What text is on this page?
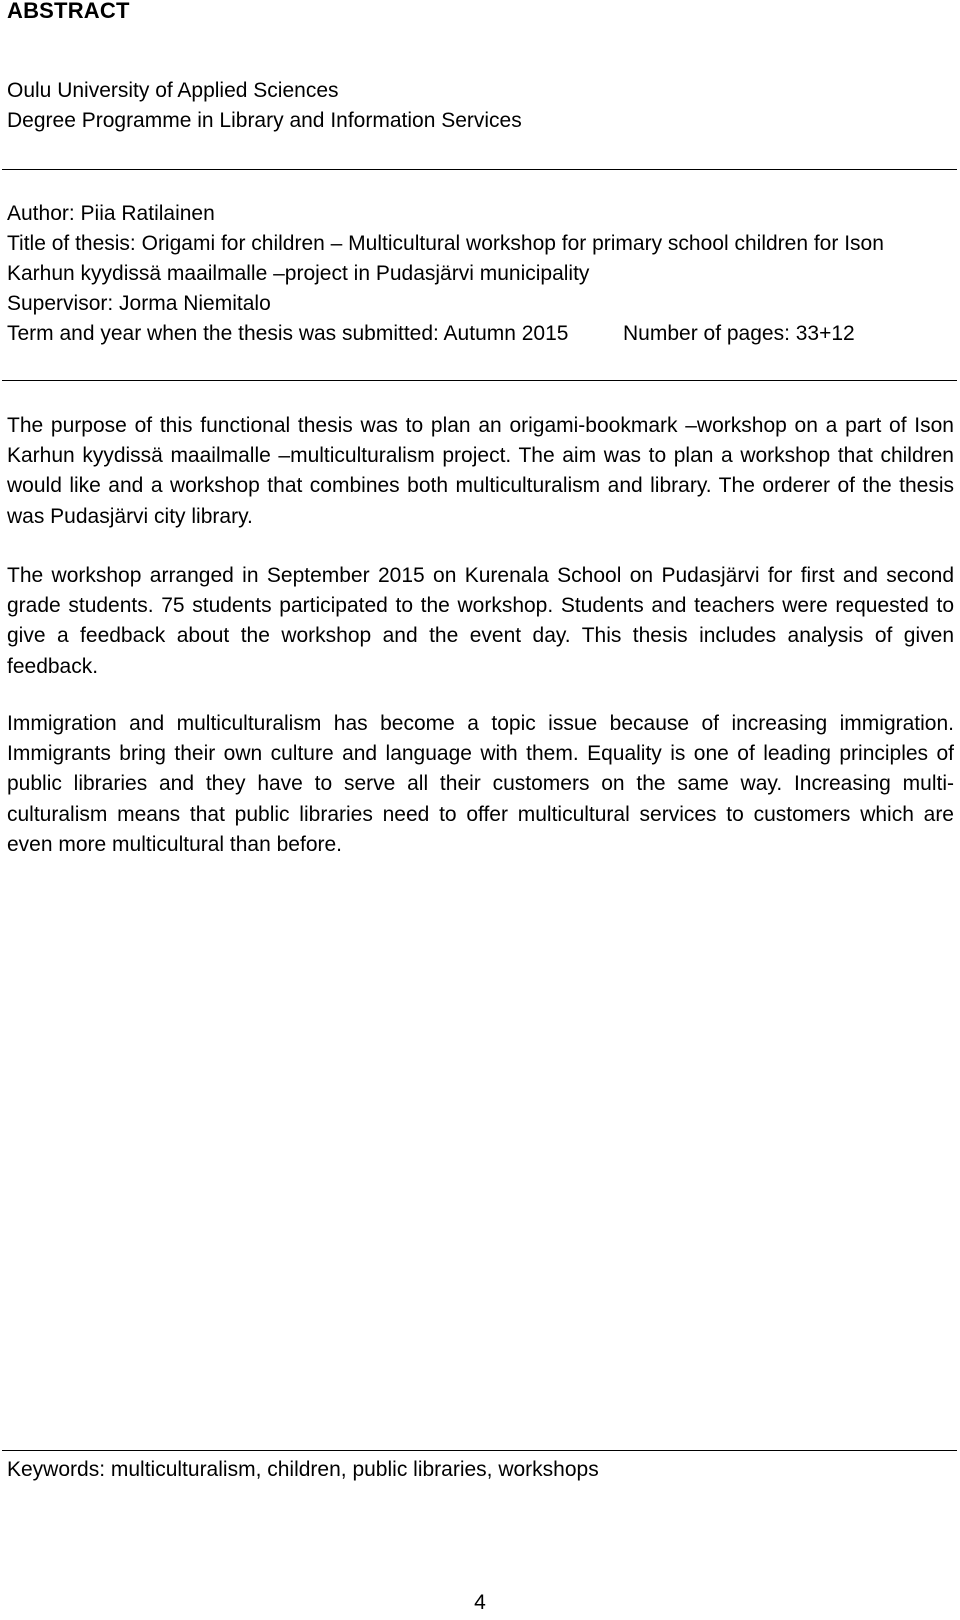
ABSTRACT
Oulu University of Applied Sciences
Degree Programme in Library and Information Services
Author: Piia Ratilainen
Title of thesis: Origami for children – Multicultural workshop for primary school children for Ison
Karhun kyydissä maailmalle –project in Pudasjärvi municipality
Supervisor: Jorma Niemitalo
Term and year when the thesis was submitted: Autumn 2015	Number of pages: 33+12

The purpose of this functional thesis was to plan an origami-bookmark –workshop on a part of Ison Karhun kyydissä maailmalle –multiculturalism project. The aim was to plan a workshop that children would like and a workshop that combines both multiculturalism and library. The orderer of the thesis was Pudasjärvi city library.

The workshop arranged in September 2015 on Kurenala School on Pudasjärvi for first and second grade students. 75 students participated to the workshop. Students and teachers were requested to give a feedback about the workshop and the event day. This thesis includes analysis of given feedback.

Immigration and multiculturalism has become a topic issue because of increasing immigration. Immigrants bring their own culture and language with them. Equality is one of leading principles of public libraries and they have to serve all their customers on the same way. Increasing multiculturalism means that public libraries need to offer multicultural services to customers which are even more multicultural than before.

Keywords: multiculturalism, children, public libraries, workshops
4
